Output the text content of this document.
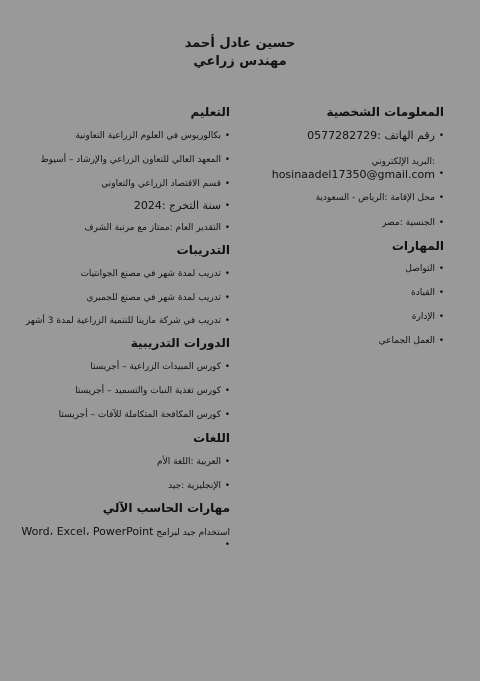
حسين عادل أحمد
مهندس زراعي
المعلومات الشخصية
• رقم الهاتف :0577282729
:البريد الإلكتروني
• hosinaadel17350@gmail.com
• محل الإقامة :الرياض - السعودية
• الجنسية :مصر
المهارات
• التواصل
• القيادة
• الإدارة
• العمل الجماعي
التعليم
• بكالوريوس في العلوم الزراعية التعاونية
• المعهد العالي للتعاون الزراعي والإرشاد – أسيوط
• قسم الاقتصاد الزراعي والتعاوني
• سنة التخرج :2024
• التقدير العام :ممتاز مع مرتبة الشرف
التدريبات
• تدريب لمدة شهر في مصنع الجوانتيات
• تدريب لمدة شهر في مصنع للجمبري
• تدريب في شركة مازينا للتنمية الزراعية لمدة 3 أشهر
الدورات التدريبية
• كورس المبيدات الزراعية – أجريستا
• كورس تغذية النبات والتسميد – أجريستا
• كورس المكافحة المتكاملة للآفات – أجريستا
اللغات
• العربية :اللغة الأم
• الإنجليزية :جيد
مهارات الحاسب الآلي
استخدام جيد لبرامج Word، Excel، PowerPoint
•
